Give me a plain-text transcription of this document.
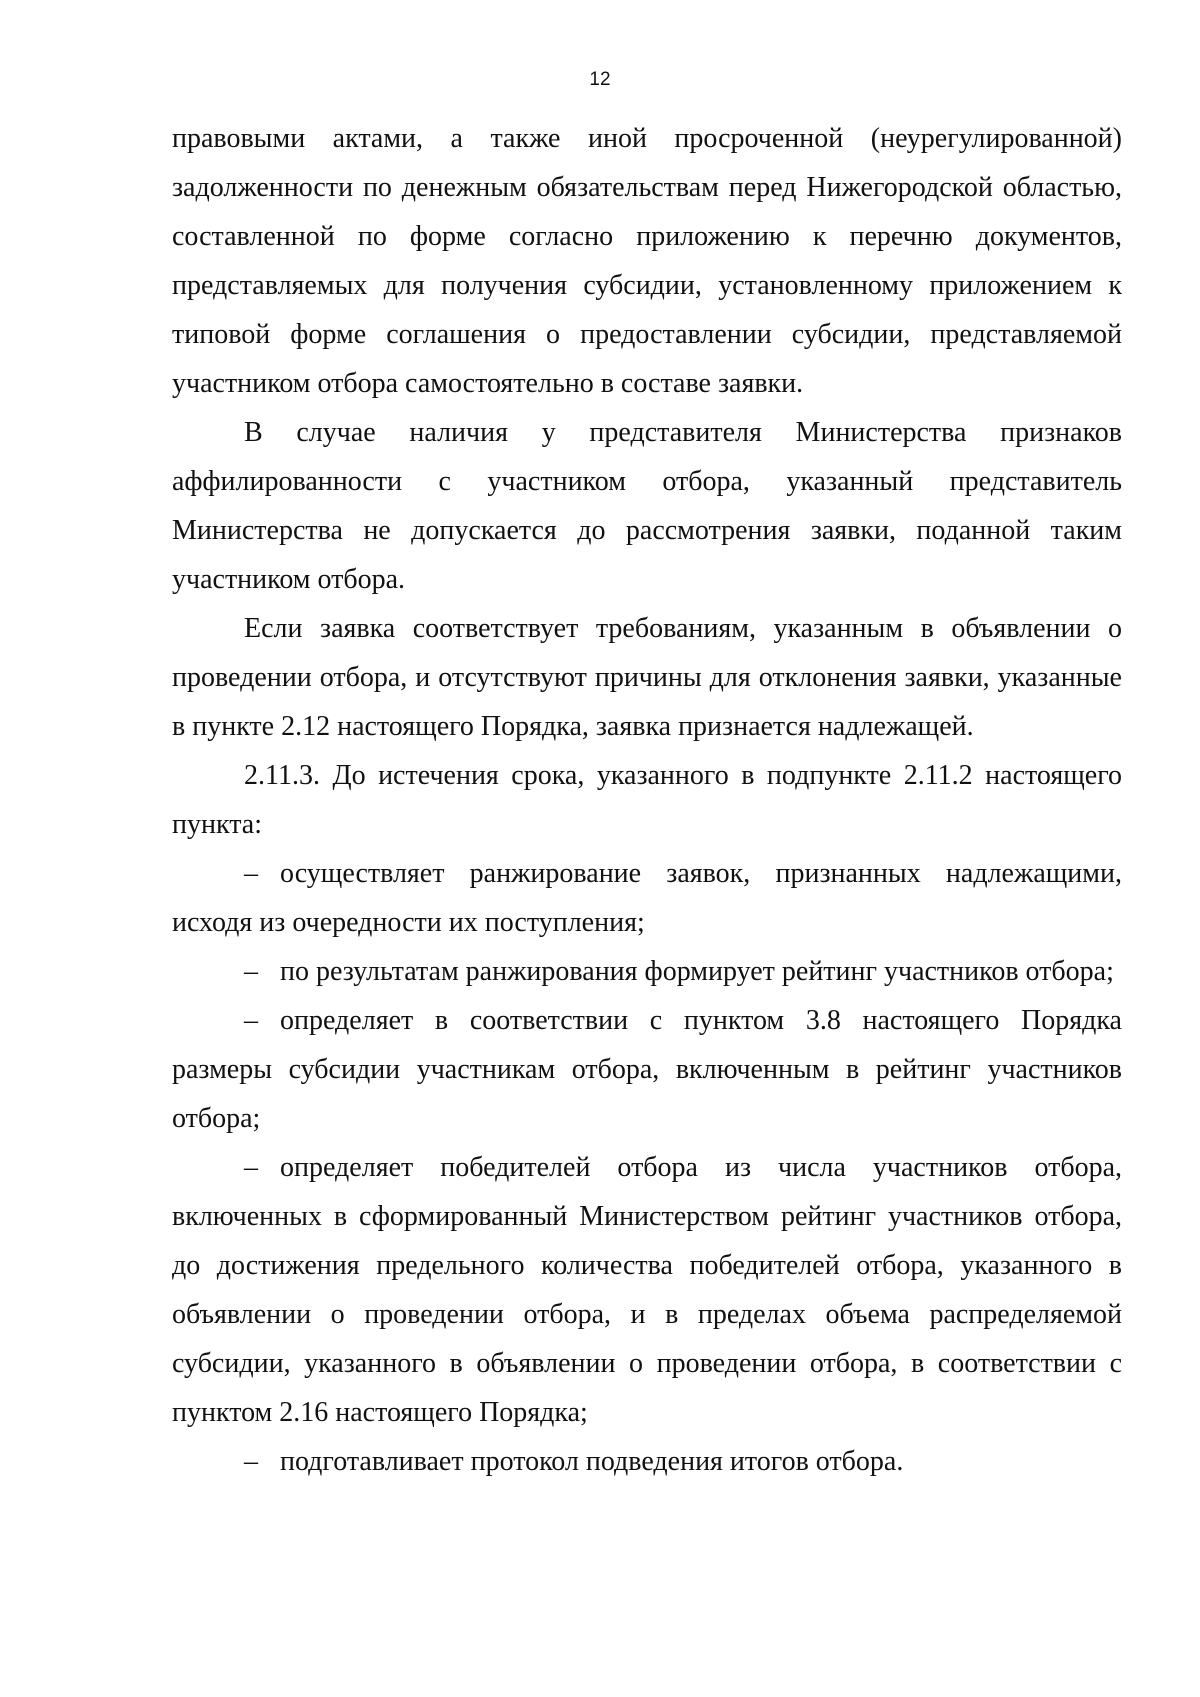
12

правовыми актами, а также иной просроченной (неурегулированной) задолженности по денежным обязательствам перед Нижегородской областью, составленной по форме согласно приложению к перечню документов, представляемых для получения субсидии, установленному приложением к типовой форме соглашения о предоставлении субсидии, представляемой участником отбора самостоятельно в составе заявки.

В случае наличия у представителя Министерства признаков аффилированности с участником отбора, указанный представитель Министерства не допускается до рассмотрения заявки, поданной таким участником отбора.

Если заявка соответствует требованиям, указанным в объявлении о проведении отбора, и отсутствуют причины для отклонения заявки, указанные в пункте 2.12 настоящего Порядка, заявка признается надлежащей.

2.11.3. До истечения срока, указанного в подпункте 2.11.2 настоящего пункта:

– осуществляет ранжирование заявок, признанных надлежащими, исходя из очередности их поступления;

– по результатам ранжирования формирует рейтинг участников отбора;

– определяет в соответствии с пунктом 3.8 настоящего Порядка размеры субсидии участникам отбора, включенным в рейтинг участников отбора;

– определяет победителей отбора из числа участников отбора, включенных в сформированный Министерством рейтинг участников отбора, до достижения предельного количества победителей отбора, указанного в объявлении о проведении отбора, и в пределах объема распределяемой субсидии, указанного в объявлении о проведении отбора, в соответствии с пунктом 2.16 настоящего Порядка;

– подготавливает протокол подведения итогов отбора.
